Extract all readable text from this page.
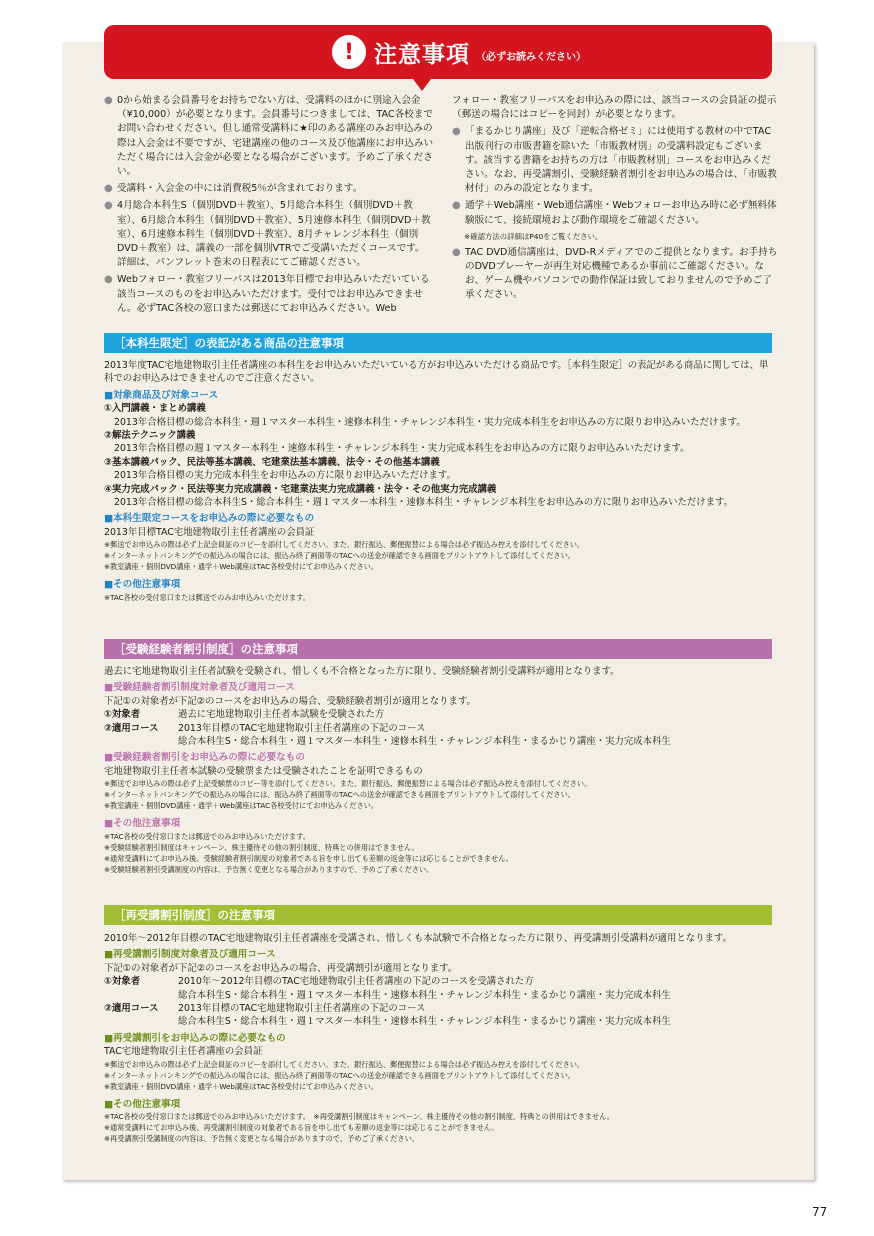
! 注意事項 （必ずお読みください）
● 0から始まる会員番号をお持ちでない方は、受講料のほかに別途入会金（¥10,000）が必要となります。会員番号につきましては、TAC各校までお問い合わせください。但し通常受講料に★印のある講座のみお申込みの際は入会金は不要ですが、宅建講座の他のコース及び他講座にお申込みいただく場合には入会金が必要となる場合がございます。予めご了承ください。
● 受講料・入会金の中には消費税5％が含まれております。
● 4月総合本科生S（個別DVD＋教室）、5月総合本科生（個別DVD＋教室）、6月総合本科生（個別DVD＋教室）、5月速修本科生（個別DVD＋教室）、6月速修本科生（個別DVD＋教室）、8月チャレンジ本科生（個別DVD＋教室）は、講義の一部を個別VTRでご受講いただくコースです。詳細は、パンフレット巻末の日程表にてご確認ください。
● Webフォロー・教室フリーパスは2013年目標でお申込みいただいている該当コースのものをお申込みいただけます。受付ではお申込みできません。必ずTAC各校の窓口または郵送にてお申込みください。Web
フォロー・教室フリーパスをお申込みの際には、該当コースの会員証の提示（郵送の場合にはコピーを同封）が必要となります。
● 「まるかじり講座」及び「逆転合格ゼミ」には使用する教材の中でTAC出版刊行の市販書籍を除いた「市販教材別」の受講料設定もございます。該当する書籍をお持ちの方は「市販教材別」コースをお申込みください。なお、再受講割引、受験経験者割引をお申込みの場合は、「市販教材付」のみの設定となります。
● 通学＋Web講座・Web通信講座・Webフォローお申込み時に必ず無料体験版にて、接続環境および動作環境をご確認ください。
※確認方法の詳細はP40をご覧ください。
● TAC DVD通信講座は、DVD-Rメディアでのご提供となります。お手持ちのDVDプレーヤーが再生対応機種であるか事前にご確認ください。なお、ゲーム機やパソコンでの動作保証は致しておりませんので予めご了承ください。
［本科生限定］の表記がある商品の注意事項
2013年度TAC宅地建物取引主任者講座の本科生をお申込みいただいている方がお申込みいただける商品です。［本科生限定］の表記がある商品に関しては、単科でのお申込みはできませんのでご注意ください。
■対象商品及び対象コース
①入門講義・まとめ講義
2013年合格目標の総合本科生・週１マスター本科生・速修本科生・チャレンジ本科生・実力完成本科生をお申込みの方に限りお申込みいただけます。
②解法テクニック講義
2013年合格目標の週１マスター本科生・速修本科生・チャレンジ本科生・実力完成本科生をお申込みの方に限りお申込みいただけます。
③基本講義パック、民法等基本講義、宅建業法基本講義、法令・その他基本講義
2013年合格目標の実力完成本科生をお申込みの方に限りお申込みいただけます。
④実力完成パック・民法等実力完成講義・宅建業法実力完成講義・法令・その他実力完成講義
2013年合格目標の総合本科生S・総合本科生・週１マスター本科生・速修本科生・チャレンジ本科生をお申込みの方に限りお申込みいただけます。
■本科生限定コースをお申込みの際に必要なもの
2013年目標TAC宅地建物取引主任者講座の会員証
※郵送でお申込みの際は必ず上記会員証のコピーを添付してください。また、銀行振込、郵便振替による場合は必ず振込み控えを添付してください。
※インターネットバンキングでの振込みの場合には、振込み終了画面等のTACへの送金が確認できる画面をプリントアウトして添付してください。
※教室講座・個別DVD講座・通学＋Web講座はTAC各校受付にてお申込みください。
■その他注意事項
※TAC各校の受付窓口または郵送でのみお申込みいただけます。
［受験経験者割引制度］の注意事項
過去に宅地建物取引主任者試験を受験され、惜しくも不合格となった方に限り、受験経験者割引受講料が適用となります。
■受験経験者割引制度対象者及び適用コース
下記①の対象者が下記②のコースをお申込みの場合、受験経験者割引が適用となります。
①対象者	過去に宅地建物取引主任者本試験を受験された方
②適用コース	2013年目標のTAC宅地建物取引主任者講座の下記のコース
総合本科生S・総合本科生・週１マスター本科生・速修本科生・チャレンジ本科生・まるかじり講座・実力完成本科生
■受験経験者割引をお申込みの際に必要なもの
宅地建物取引主任者本試験の受験票または受験されたことを証明できるもの
※郵送でお申込みの際は必ず上記受験票のコピー等を添付してください。また、銀行振込、郵便振替による場合は必ず振込み控えを添付してください。
※インターネットバンキングでの振込みの場合には、振込み終了画面等のTACへの送金が確認できる画面をプリントアウトして添付してください。
※教室講座・個別DVD講座・通学＋Web講座はTAC各校受付にてお申込みください。
■その他注意事項
※TAC各校の受付窓口または郵送でのみお申込みいただけます。
※受験経験者割引制度はキャンペーン、株主優待その他の割引制度、特典との併用はできません。
※通常受講料にてお申込み後、受験経験者割引制度の対象者である旨を申し出ても差額の返金等には応じることができません。
※受験経験者割引受講制度の内容は、予告無く変更となる場合がありますので、予めご了承ください。
［再受講割引制度］の注意事項
2010年～2012年目標のTAC宅地建物取引主任者講座を受講され、惜しくも本試験で不合格となった方に限り、再受講割引受講料が適用となります。
■再受講割引制度対象者及び適用コース
下記①の対象者が下記②のコースをお申込みの場合、再受講割引が適用となります。
①対象者	2010年～2012年目標のTAC宅地建物取引主任者講座の下記のコースを受講された方
総合本科生S・総合本科生・週１マスター本科生・速修本科生・チャレンジ本科生・まるかじり講座・実力完成本科生
②適用コース	2013年目標のTAC宅地建物取引主任者講座の下記のコース
総合本科生S・総合本科生・週１マスター本科生・速修本科生・チャレンジ本科生・まるかじり講座・実力完成本科生
■再受講割引をお申込みの際に必要なもの
TAC宅地建物取引主任者講座の会員証
※郵送でお申込みの際は必ず上記会員証のコピーを添付してください。また、銀行振込、郵便振替による場合は必ず振込み控えを添付してください。
※インターネットバンキングでの振込みの場合には、振込み終了画面等のTACへの送金が確認できる画面をプリントアウトして添付してください。
※教室講座・個別DVD講座・通学＋Web講座はTAC各校受付にてお申込みください。
■その他注意事項
※TAC各校の受付窓口または郵送でのみお申込みいただけます。　※再受講割引制度はキャンペーン、株主優待その他の割引制度、特典との併用はできません。
※通常受講料にてお申込み後、再受講割引制度の対象者である旨を申し出ても差額の返金等には応じることができません。
※再受講割引受講制度の内容は、予告無く変更となる場合がありますので、予めご了承ください。
77
